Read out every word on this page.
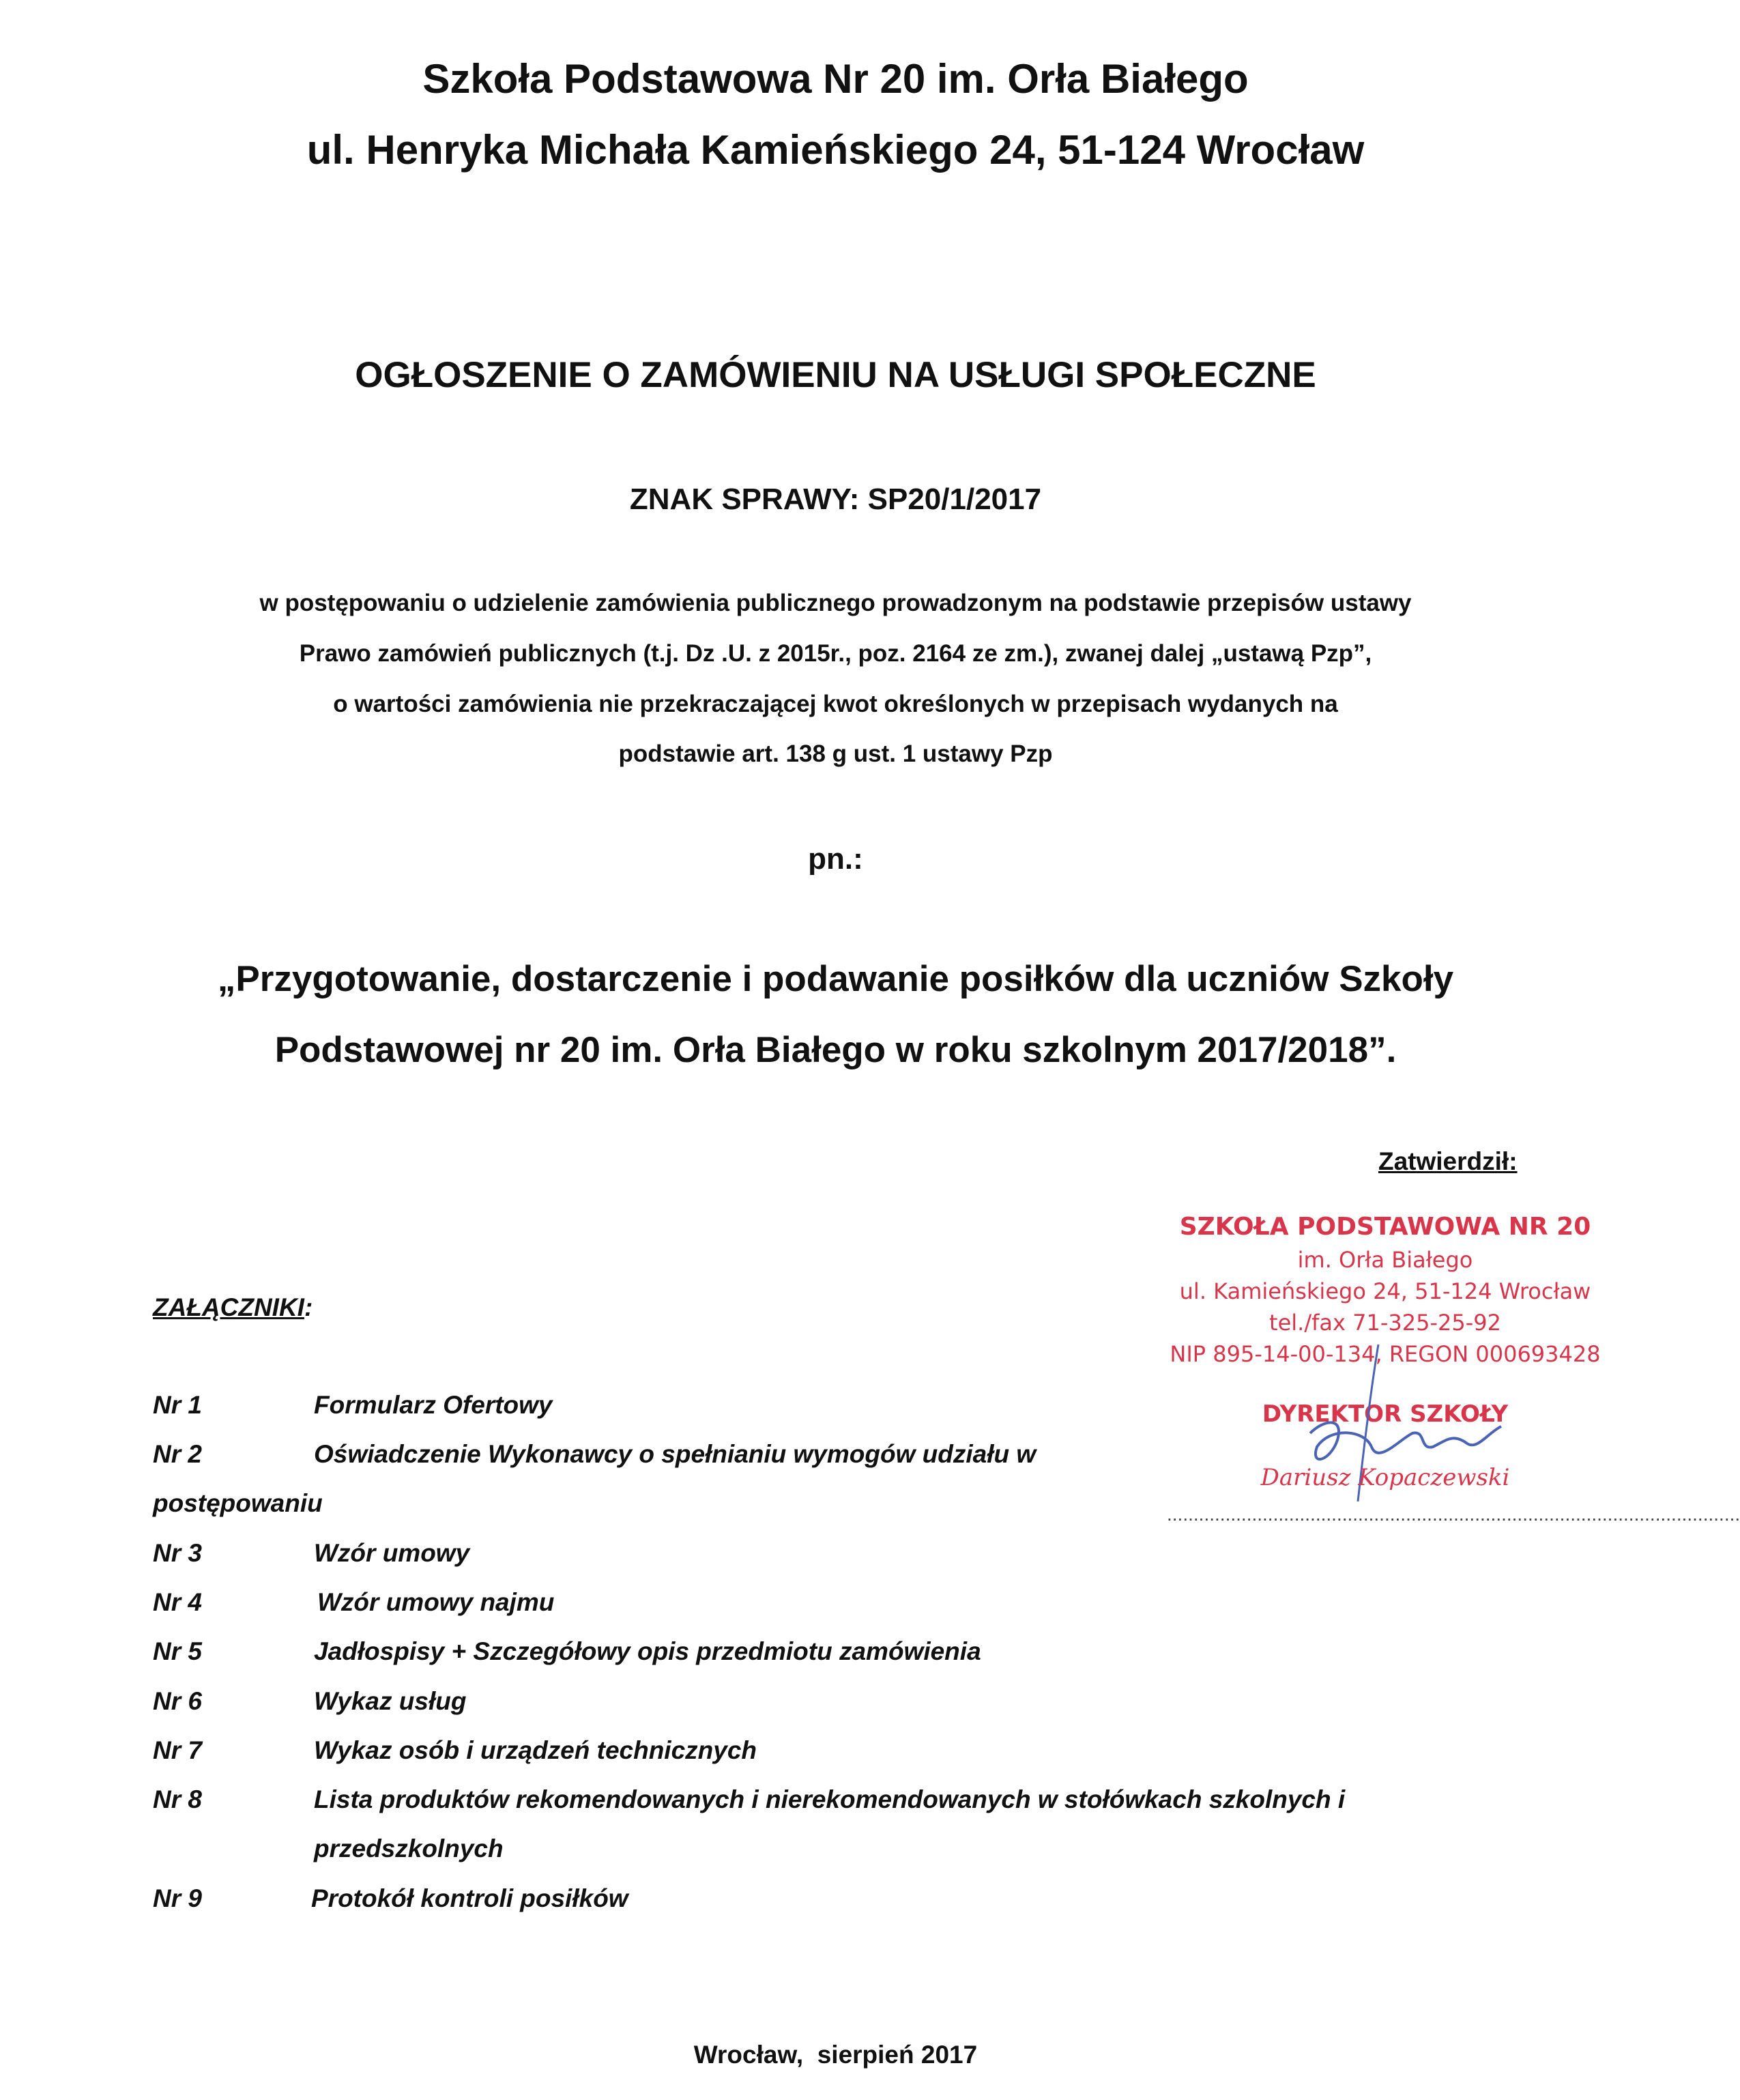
Szkoła Podstawowa Nr 20 im. Orła Białego
ul. Henryka Michała Kamieńskiego 24, 51-124 Wrocław
OGŁOSZENIE O ZAMÓWIENIU NA USŁUGI SPOŁECZNE
ZNAK SPRAWY: SP20/1/2017
w postępowaniu o udzielenie zamówienia publicznego prowadzonym na podstawie przepisów ustawy
Prawo zamówień publicznych (t.j. Dz .U. z 2015r., poz. 2164 ze zm.), zwanej dalej „ustawą Pzp”,
o wartości zamówienia nie przekraczającej kwot określonych w przepisach wydanych na
podstawie art. 138 g ust. 1 ustawy Pzp
pn.:
„Przygotowanie, dostarczenie i podawanie posiłków dla uczniów Szkoły
Podstawowej nr 20 im. Orła Białego w roku szkolnym 2017/2018”.
Zatwierdził:
SZKOŁA PODSTAWOWA NR 20
im. Orła Białego
ul. Kamieńskiego 24, 51-124 Wrocław
tel./fax 71-325-25-92
NIP 895-14-00-134, REGON 000693428
DYREKTOR SZKOŁY
Dariusz Kopaczewski
............................................................................................................
ZAŁĄCZNIKI:
Nr 1	Formularz Ofertowy
Nr 2	Oświadczenie Wykonawcy o spełnianiu wymogów udziału w
postępowaniu
Nr 3	Wzór umowy
Nr 4	Wzór umowy najmu
Nr 5	Jadłospisy + Szczegółowy opis przedmiotu zamówienia
Nr 6	Wykaz usług
Nr 7	Wykaz osób i urządzeń technicznych
Nr 8	Lista produktów rekomendowanych i nierekomendowanych w stołówkach szkolnych i
przedszkolnych
Nr 9	Protokół kontroli posiłków
Wrocław,  sierpień 2017
